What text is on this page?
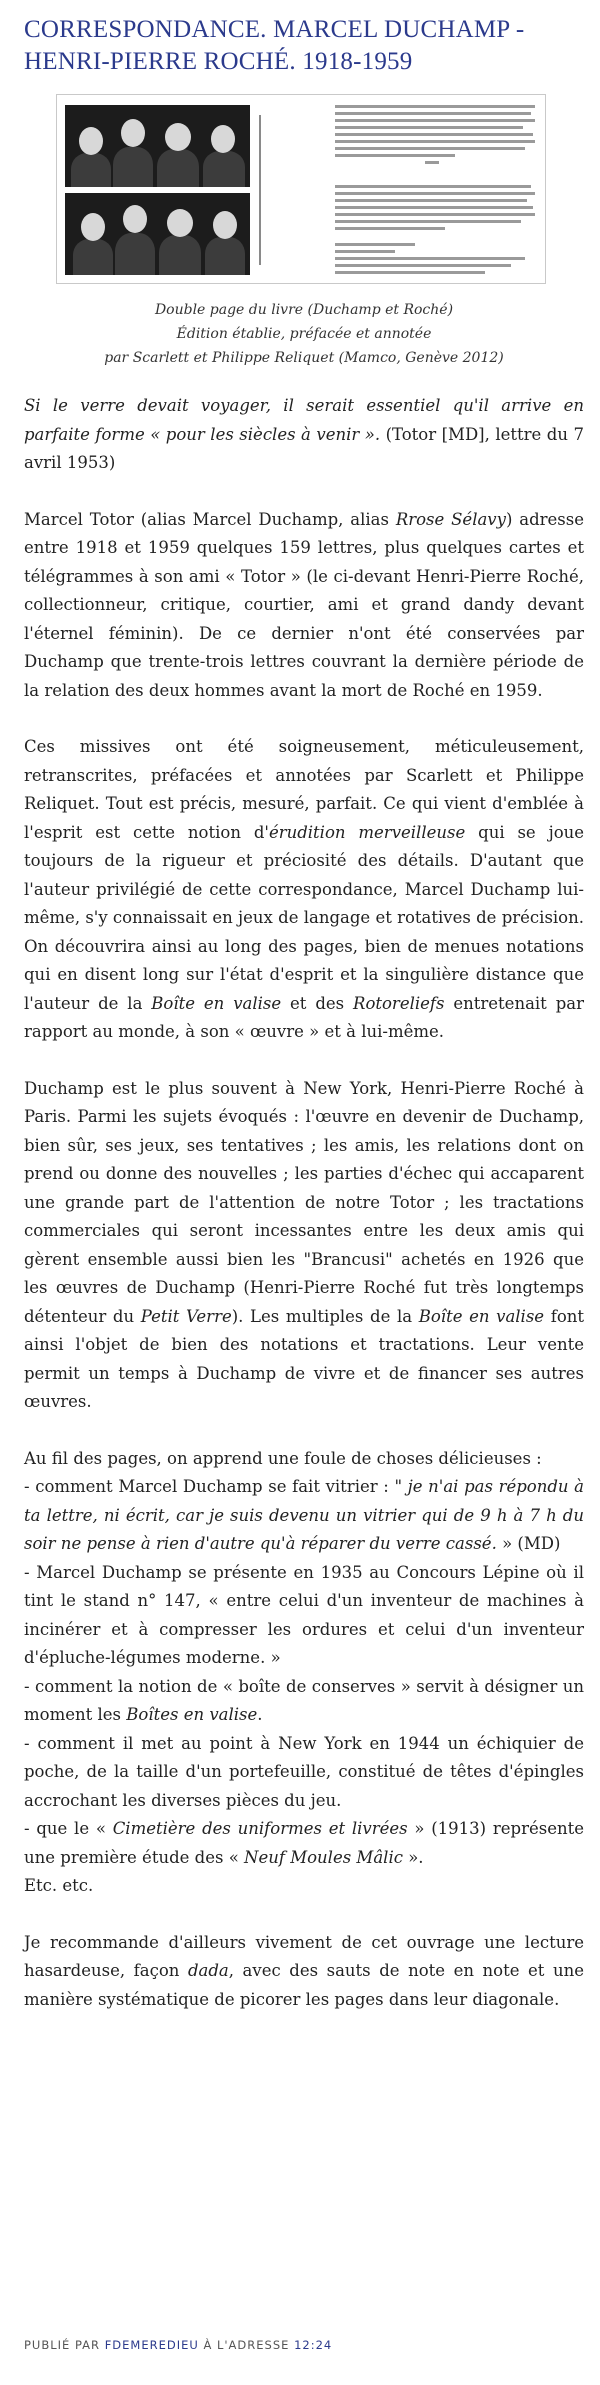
CORRESPONDANCE. MARCEL DUCHAMP - HENRI-PIERRE ROCHÉ. 1918-1959
Double page du livre (Duchamp et Roché)
Édition établie, préfacée et annotée
par Scarlett et Philippe Reliquet (Mamco, Genève 2012)

Si le verre devait voyager, il serait essentiel qu'il arrive en parfaite forme « pour les siècles à venir ». (Totor [MD], lettre du 7 avril 1953)

Marcel Totor (alias Marcel Duchamp, alias Rrose Sélavy) adresse entre 1918 et 1959 quelques 159 lettres, plus quelques cartes et télégrammes à son ami « Totor » (le ci-devant Henri-Pierre Roché, collectionneur, critique, courtier, ami et grand dandy devant l'éternel féminin). De ce dernier n'ont été conservées par Duchamp que trente-trois lettres couvrant la dernière période de la relation des deux hommes avant la mort de Roché en 1959.

Ces missives ont été soigneusement, méticuleusement, retranscrites, préfacées et annotées par Scarlett et Philippe Reliquet. Tout est précis, mesuré, parfait. Ce qui vient d'emblée à l'esprit est cette notion d'érudition merveilleuse qui se joue toujours de la rigueur et préciosité des détails. D'autant que l'auteur privilégié de cette correspondance, Marcel Duchamp lui-même, s'y connaissait en jeux de langage et rotatives de précision. On découvrira ainsi au long des pages, bien de menues notations qui en disent long sur l'état d'esprit et la singulière distance que l'auteur de la Boîte en valise et des Rotoreliefs entretenait par rapport au monde, à son « œuvre » et à lui-même.

Duchamp est le plus souvent à New York, Henri-Pierre Roché à Paris. Parmi les sujets évoqués : l'œuvre en devenir de Duchamp, bien sûr, ses jeux, ses tentatives ; les amis, les relations dont on prend ou donne des nouvelles ; les parties d'échec qui accaparent une grande part de l'attention de notre Totor ; les tractations commerciales qui seront incessantes entre les deux amis qui gèrent ensemble aussi bien les "Brancusi" achetés en 1926 que les œuvres de Duchamp (Henri-Pierre Roché fut très longtemps détenteur du Petit Verre). Les multiples de la Boîte en valise font ainsi l'objet de bien des notations et tractations. Leur vente permit un temps à Duchamp de vivre et de financer ses autres œuvres.

Au fil des pages, on apprend une foule de choses délicieuses :
- comment Marcel Duchamp se fait vitrier : " je n'ai pas répondu à ta lettre, ni écrit, car je suis devenu un vitrier qui de 9 h à 7 h du soir ne pense à rien d'autre qu'à réparer du verre cassé. » (MD)
- Marcel Duchamp se présente en 1935 au Concours Lépine où il tint le stand n° 147, « entre celui d'un inventeur de machines à incinérer et à compresser les ordures et celui d'un inventeur d'épluche-légumes moderne. »
- comment la notion de « boîte de conserves » servit à désigner un moment les Boîtes en valise.
- comment il met au point à New York en 1944 un échiquier de poche, de la taille d'un portefeuille, constitué de têtes d'épingles accrochant les diverses pièces du jeu.
- que le « Cimetière des uniformes et livrées » (1913) représente une première étude des « Neuf Moules Mâlic ».
Etc. etc.

Je recommande d'ailleurs vivement de cet ouvrage une lecture hasardeuse, façon dada, avec des sauts de note en note et une manière systématique de picorer les pages dans leur diagonale.

PUBLIÉ PAR FDEMEREDIEU À L'ADRESSE 12:24
